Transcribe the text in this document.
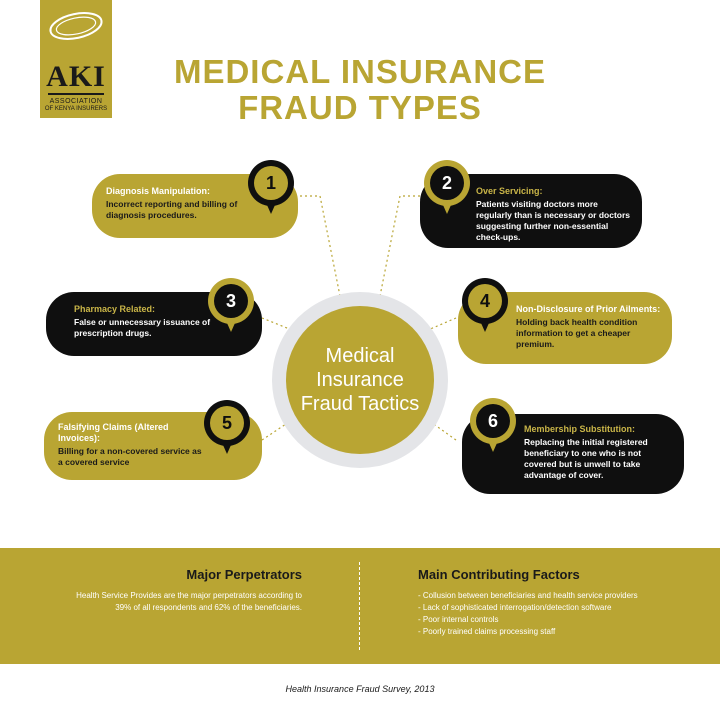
AKI
ASSOCIATION
OF KENYA INSURERS
MEDICAL INSURANCE
FRAUD TYPES
Diagnosis Manipulation:
Incorrect reporting and billing of diagnosis procedures.
1	Over Servicing:
Patients visiting doctors more regularly than is necessary or doctors suggesting further non-essential check-ups.
2
Pharmacy Related:
False or unnecessary issuance of prescription drugs.
3	Non-Disclosure of Prior Ailments:
Holding back health condition information to get a cheaper premium.
4
Falsifying Claims (Altered Invoices):
Billing for a non-covered service as a covered service
5	Membership Substitution:
Replacing the initial registered beneficiary to one who is not covered but is unwell to take advantage of cover.
6
Medical Insurance Fraud Tactics
Major Perpetrators
Health Service Provides are the major perpetrators according to 39% of all respondents and 62% of the beneficiaries.
Main Contributing Factors
- Collusion between beneficiaries and health service providers
- Lack of sophisticated interrogation/detection software
- Poor internal controls
- Poorly trained claims processing staff
Health Insurance Fraud Survey, 2013
